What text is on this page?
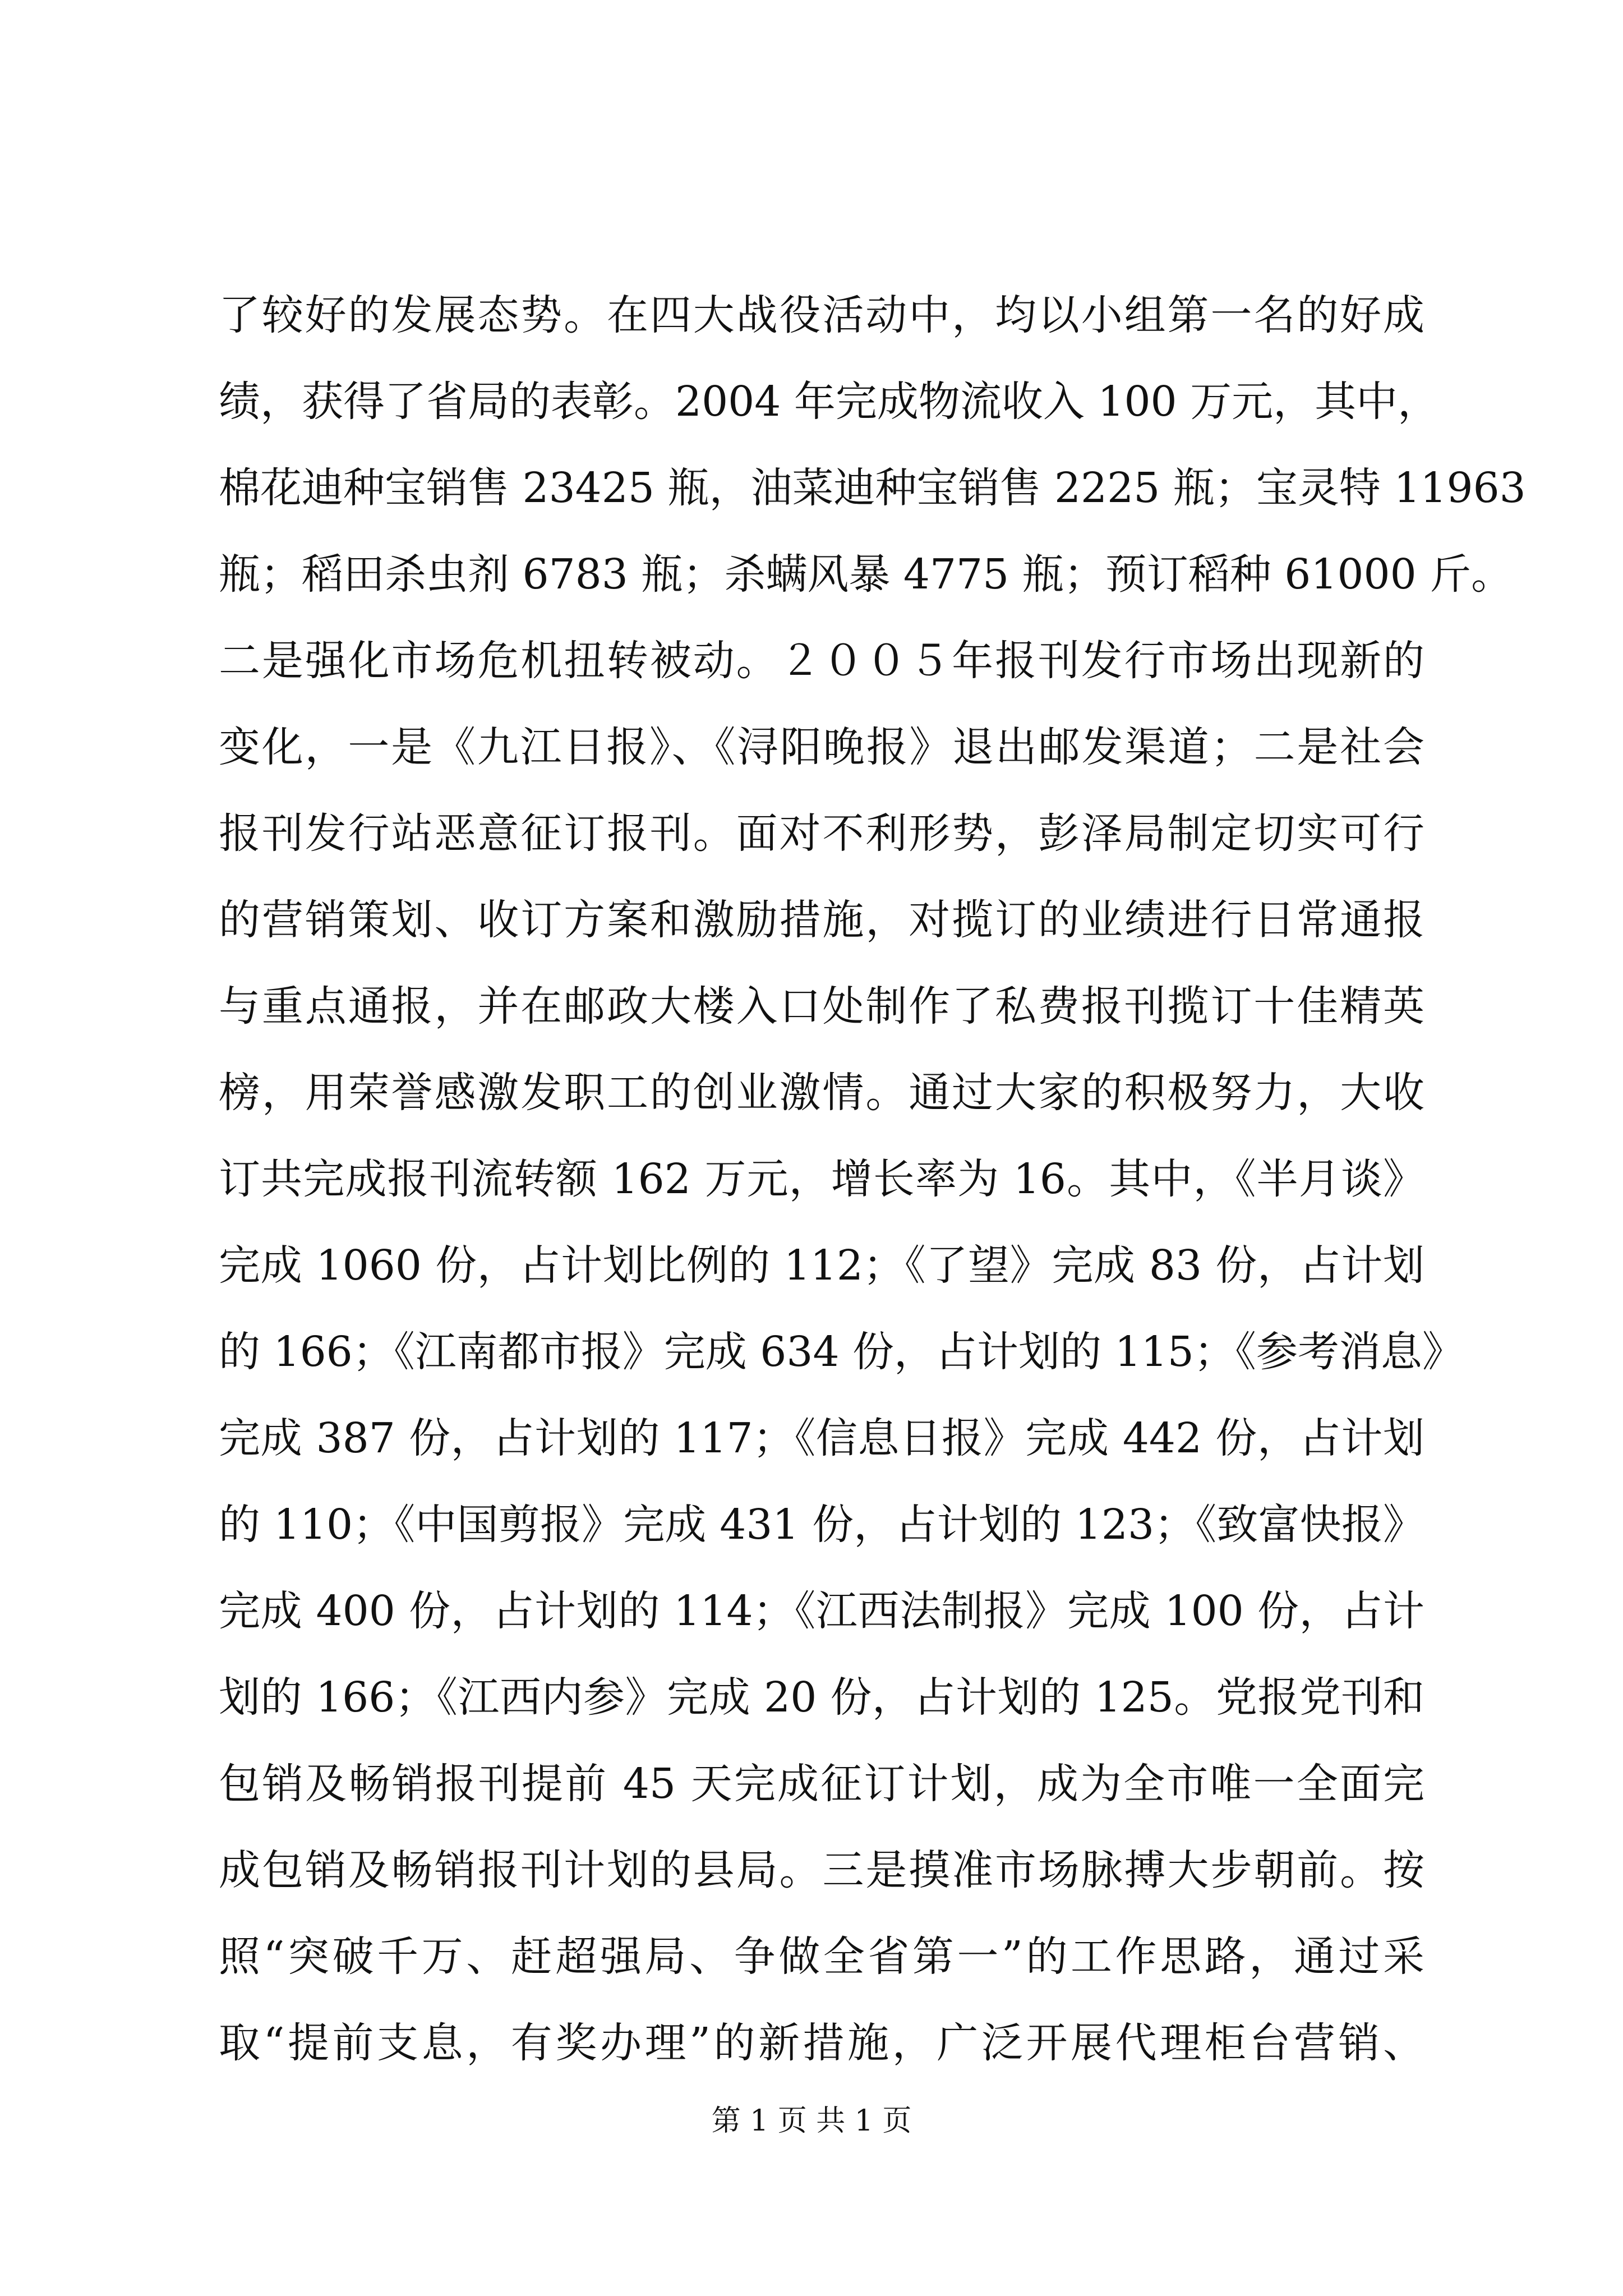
了较好的发展态势。在四大战役活动中，均以小组第一名的好成
绩，获得了省局的表彰。2004 年完成物流收入 100 万元，其中，
棉花迪种宝销售 23425 瓶，油菜迪种宝销售 2225 瓶；宝灵特 11963
瓶；稻田杀虫剂 6783 瓶；杀螨风暴 4775 瓶；预订稻种 61000 斤。
二是强化市场危机扭转被动。２００５年报刊发行市场出现新的
变化，一是《九江日报》、《浔阳晚报》退出邮发渠道；二是社会
报刊发行站恶意征订报刊。面对不利形势，彭泽局制定切实可行
的营销策划、收订方案和激励措施，对揽订的业绩进行日常通报
与重点通报，并在邮政大楼入口处制作了私费报刊揽订十佳精英
榜，用荣誉感激发职工的创业激情。通过大家的积极努力，大收
订共完成报刊流转额 162 万元，增长率为 16。其中，《半月谈》
完成 1060 份，占计划比例的 112；《了望》完成 83 份，占计划
的 166；《江南都市报》完成 634 份，占计划的 115；《参考消息》
完成 387 份，占计划的 117；《信息日报》完成 442 份，占计划
的 110；《中国剪报》完成 431 份，占计划的 123；《致富快报》
完成 400 份，占计划的 114；《江西法制报》完成 100 份，占计
划的 166；《江西内参》完成 20 份，占计划的 125。党报党刊和
包销及畅销报刊提前 45 天完成征订计划，成为全市唯一全面完
成包销及畅销报刊计划的县局。三是摸准市场脉搏大步朝前。按
照“突破千万、赶超强局、争做全省第一”的工作思路，通过采
取“提前支息，有奖办理”的新措施，广泛开展代理柜台营销、
第 1 页 共 1 页
